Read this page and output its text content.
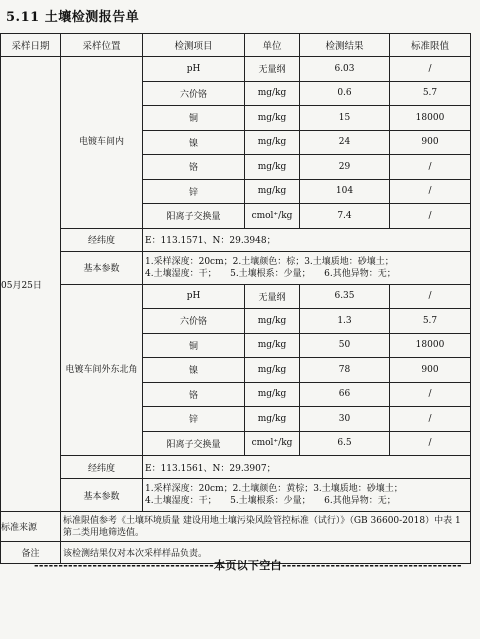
5.11 土壤检测报告单
采样日期	采样位置	检测项目	单位	检测结果	标准限值
05月25日	电镀车间内	pH	无量纲	6.03	/
		六价铬	mg/kg	0.6	5.7
		铜	mg/kg	15	18000
		镍	mg/kg	24	900
		铬	mg/kg	29	/
		锌	mg/kg	104	/
		阳离子交换量	cmol⁺/kg	7.4	/
	经纬度	E：113.1571、N：29.3948；			
	基本参数	1.采样深度：20cm；2.土壤颜色：棕；3.土壤质地：砂壤土；
4.土壤湿度：干；　　5.土壤根系：少量；　　6.其他异物：无；			

	电镀车间外东北角	pH	无量纲	6.35	/
		六价铬	mg/kg	1.3	5.7
		铜	mg/kg	50	18000
		镍	mg/kg	78	900
		铬	mg/kg	66	/
		锌	mg/kg	30	/
		阳离子交换量	cmol⁺/kg	6.5	/
	经纬度	E：113.1561、N：29.3907；			
	基本参数	1.采样深度：20cm；2.土壤颜色：黄棕；3.土壤质地：砂壤土；
4.土壤湿度：干；　　5.土壤根系：少量；　　6.其他异物：无；			

标准来源	标准限值参考《土壤环境质量 建设用地土壤污染风险管控标准（试行）》（GB 36600-2018）中表 1 第二类用地筛选值。				
备注	该检测结果仅对本次采样样品负责。				
-------------------------------------本页以下空白-------------------------------------
